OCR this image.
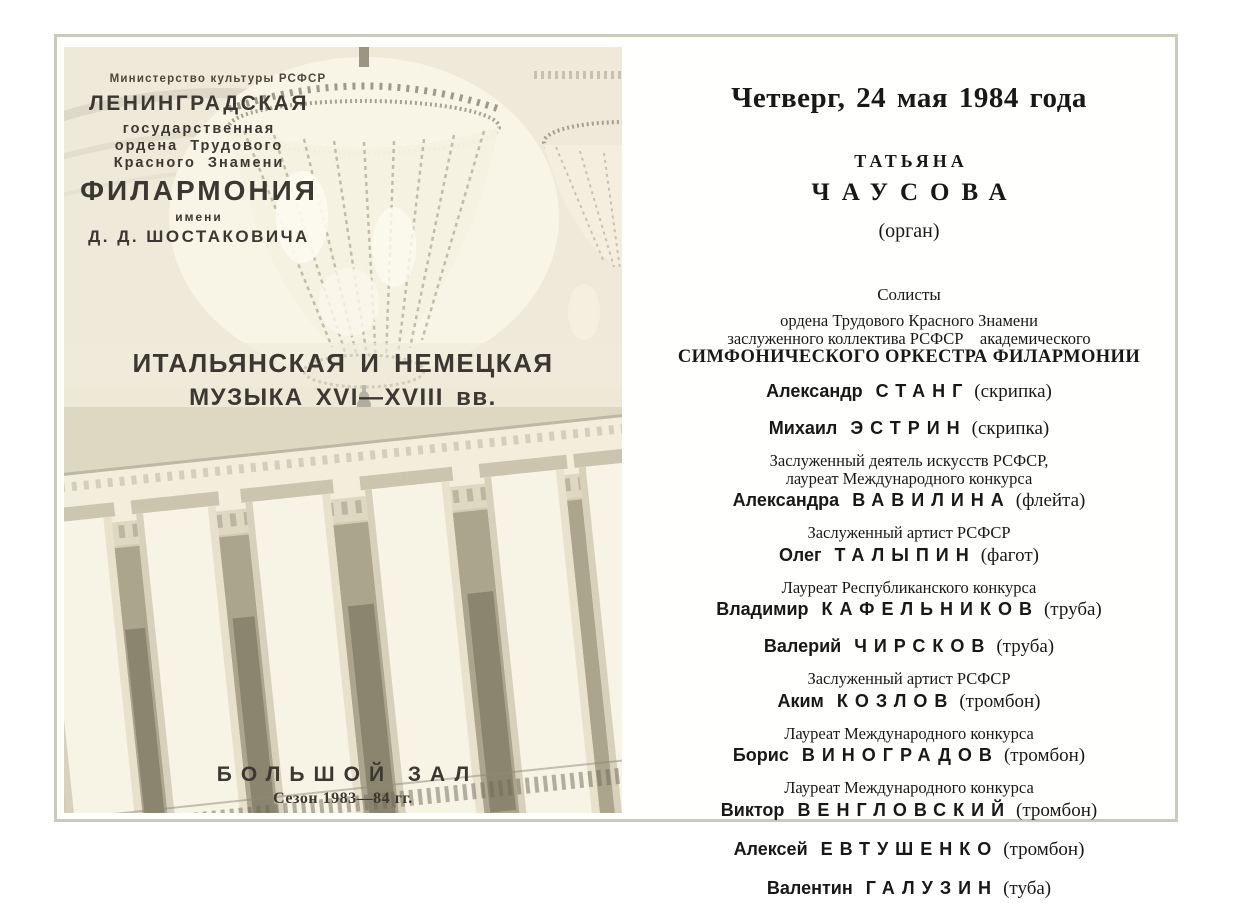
Министерство культуры РСФСР
ЛЕНИНГРАДСКАЯ
государственная
ордена Трудового
Красного Знамени
ФИЛАРМОНИЯ
имени
Д. Д. ШОСТАКОВИЧА
ИТАЛЬЯНСКАЯ И НЕМЕЦКАЯ
МУЗЫКА XVI—XVIII вв.
БОЛЬШОЙ ЗАЛ
Сезон 1983—84 гг.
Четверг, 24 мая 1984 года
ТАТЬЯНА
ЧАУСОВА
(орган)
Солисты
ордена Трудового Красного Знамени
заслуженного коллектива РСФСР    академического
СИМФОНИЧЕСКОГО ОРКЕСТРА ФИЛАРМОНИИ
Александр СТАНГ (скрипка)
Михаил ЭСТРИН (скрипка)
Заслуженный деятель искусств РСФСР,
лауреат Международного конкурса
Александра ВАВИЛИНА (флейта)
Заслуженный артист РСФСР
Олег ТАЛЫПИН (фагот)
Лауреат Республиканского конкурса
Владимир КАФЕЛЬНИКОВ (труба)
Валерий ЧИРСКОВ (труба)
Заслуженный артист РСФСР
Аким КОЗЛОВ (тромбон)
Лауреат Международного конкурса
Борис ВИНОГРАДОВ (тромбон)
Лауреат Международного конкурса
Виктор ВЕНГЛОВСКИЙ (тромбон)
Алексей ЕВТУШЕНКО (тромбон)
Валентин ГАЛУЗИН (туба)
